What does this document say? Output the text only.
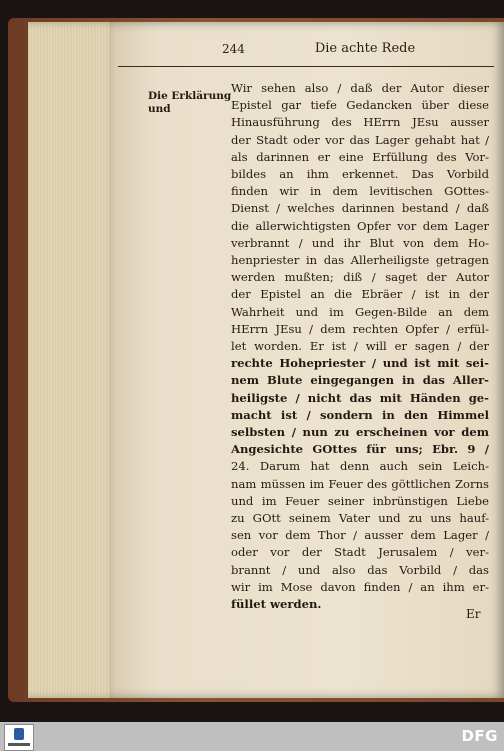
244	Die achte Rede
Die Erklärung
und
Wir sehen also / daß der Autor dieser
Epistel gar tiefe Gedancken über diese
Hinausführung des HErrn JEsu ausser
der Stadt oder vor das Lager gehabt hat /
als darinnen er eine Erfüllung des Vor-
bildes an ihm erkennet. Das Vorbild
finden wir in dem levitischen GOttes-
Dienst / welches darinnen bestand / daß
die allerwichtigsten Opfer vor dem Lager
verbrannt / und ihr Blut von dem Ho-
henpriester in das Allerheiligste getragen
werden mußten; diß / saget der Autor
der Epistel an die Ebräer / ist in der
Wahrheit und im Gegen-Bilde an dem
HErrn JEsu / dem rechten Opfer / erfül-
let worden. Er ist / will er sagen / der
rechte Hohepriester / und ist mit sei-
nem Blute eingegangen in das Aller-
heiligste / nicht das mit Händen ge-
macht ist / sondern in den Himmel
selbsten / nun zu erscheinen vor dem
Angesichte GOttes für uns; Ebr. 9 /
24. Darum hat denn auch sein Leich-
nam müssen im Feuer des göttlichen Zorns
und im Feuer seiner inbrünstigen Liebe
zu GOtt seinem Vater und zu uns hauf-
sen vor dem Thor / ausser dem Lager /
oder vor der Stadt Jerusalem / ver-
brannt / und also das Vorbild / das
wir im Mose davon finden / an ihm er-
füllet werden.
Er
DFG
